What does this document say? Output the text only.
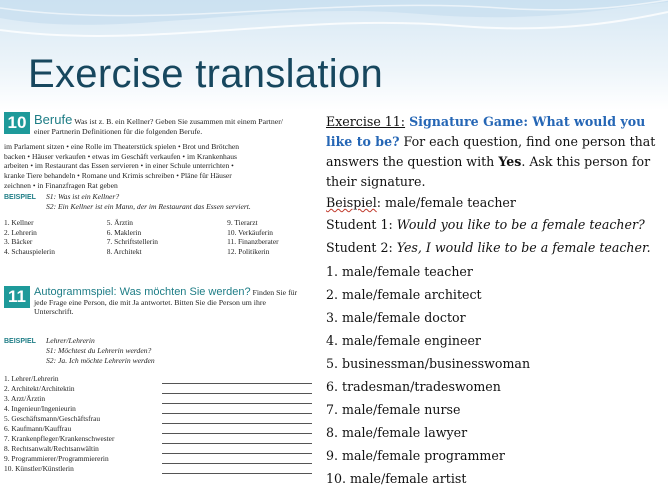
Exercise translation
10 Berufe Was ist z. B. ein Kellner? Geben Sie zusammen mit einem Partner/
einer Partnerin Definitionen für die folgenden Berufe.
im Parlament sitzen • eine Rolle im Theaterstück spielen • Brot und Brötchen
backen • Häuser verkaufen • etwas im Geschäft verkaufen • im Krankenhaus
arbeiten • im Restaurant das Essen servieren • in einer Schule unterrichten •
kranke Tiere behandeln • Romane und Krimis schreiben • Pläne für Häuser
zeichnen • in Finanzfragen Rat geben
BEISPIEL S1: Was ist ein Kellner?
S2: Ein Kellner ist ein Mann, der im Restaurant das Essen serviert.
1. Kellner	5. Ärztin	9. Tierarzt
2. Lehrerin	6. Maklerin	10. Verkäuferin
3. Bäcker	7. Schriftstellerin	11. Finanzberater
4. Schauspielerin	8. Architekt	12. Politikerin
11 Autogrammspiel: Was möchten Sie werden? Finden Sie für
jede Frage eine Person, die mit Ja antwortet. Bitten Sie die Person um ihre
Unterschrift.
BEISPIEL Lehrer/Lehrerin
S1: Möchtest du Lehrerin werden?
S2: Ja. Ich möchte Lehrerin werden
1. Lehrer/Lehrerin
2. Architekt/Architektin
3. Arzt/Ärztin
4. Ingenieur/Ingenieurin
5. Geschäftsmann/Geschäftsfrau
6. Kaufmann/Kauffrau
7. Krankenpfleger/Krankenschwester
8. Rechtsanwalt/Rechtsanwältin
9. Programmierer/Programmiererin
10. Künstler/Künstlerin
Exercise 11: Signature Game: What would you like to be? For each question, find one person that answers the question with Yes. Ask this person for their signature.
Beispiel: male/female teacher
Student 1: Would you like to be a female teacher?
Student 2: Yes, I would like to be a female teacher.
1. male/female teacher
2. male/female architect
3. male/female doctor
4. male/female engineer
5. businessman/businesswoman
6. tradesman/tradeswomen
7. male/female nurse
8. male/female lawyer
9. male/female programmer
10. male/female artist
